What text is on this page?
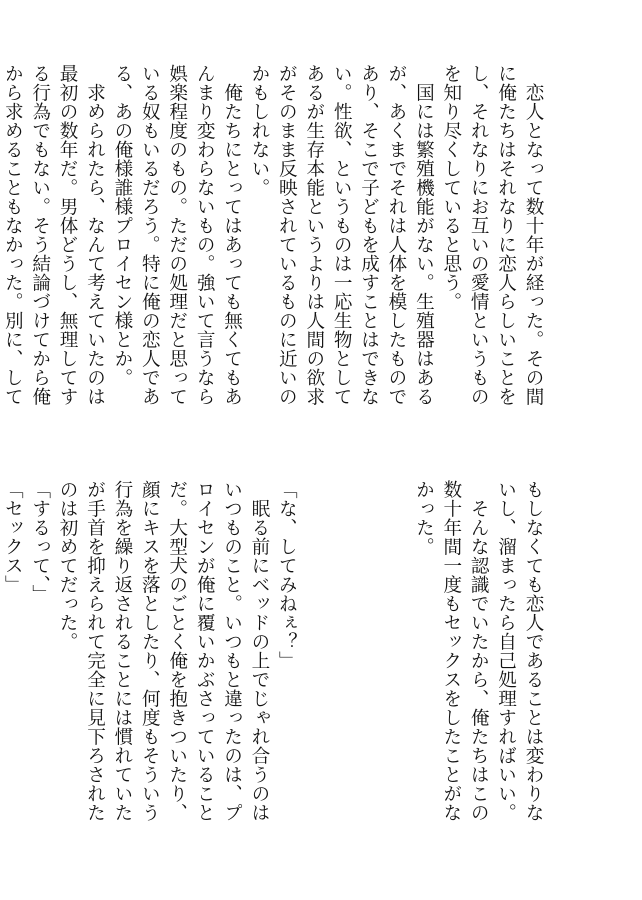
　恋人となって数十年が経った。その間
に俺たちはそれなりに恋人らしいことを
し、それなりにお互いの愛情というもの
を知り尽くしていると思う。
　国には繁殖機能がない。生殖器はある
が、あくまでそれは人体を模したもので
あり、そこで子どもを成すことはできな
い。性欲、というものは一応生物として
あるが生存本能というよりは人間の欲求
がそのまま反映されているものに近いの
かもしれない。
　俺たちにとってはあっても無くてもあ
んまり変わらないもの。強いて言うなら
娯楽程度のもの。ただの処理だと思って
いる奴もいるだろう。特に俺の恋人であ
る、あの俺様誰様プロイセン様とか。
　求められたら、なんて考えていたのは
最初の数年だ。男体どうし、無理してす
る行為でもない。そう結論づけてから俺
から求めることもなかった。別に、して
もしなくても恋人であることは変わりな
いし、溜まったら自己処理すればいい。
　そんな認識でいたから、俺たちはこの
数十年間一度もセックスをしたことがな
かった。
「な、してみねぇ？」
　眠る前にベッドの上でじゃれ合うのは
いつものこと。いつもと違ったのは、プ
ロイセンが俺に覆いかぶさっていること
だ。大型犬のごとく俺を抱きついたり、
顔にキスを落としたり、何度もそういう
行為を繰り返されることには慣れていた
が手首を抑えられて完全に見下ろされた
のは初めてだった。
「するって、」
「セックス」
